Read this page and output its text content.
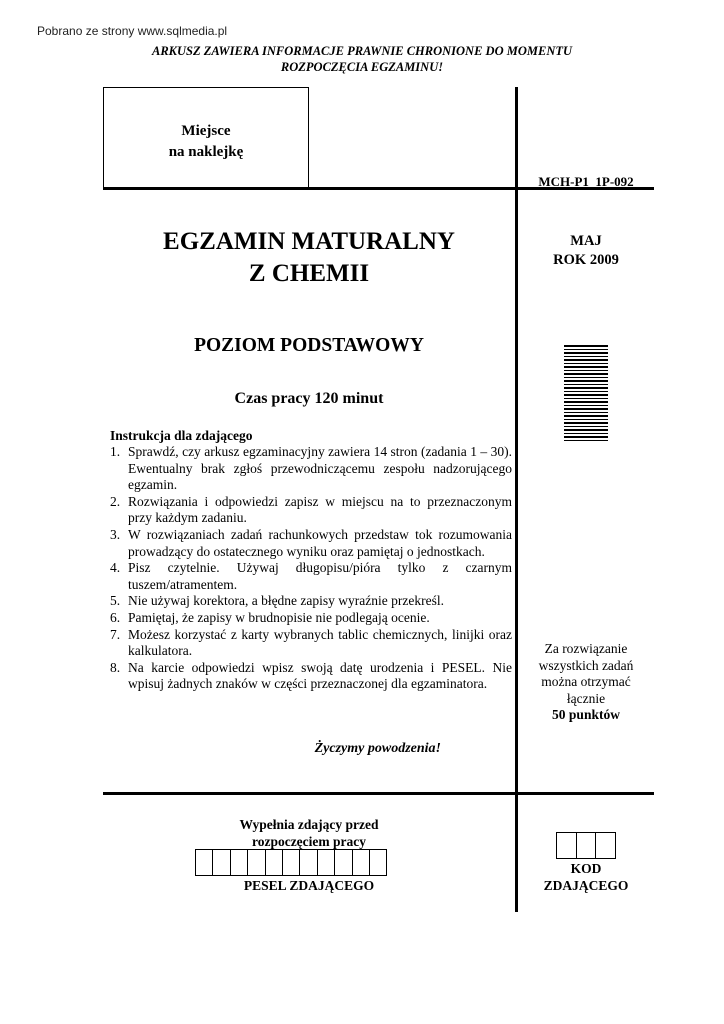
Pobrano ze strony www.sqlmedia.pl
ARKUSZ ZAWIERA INFORMACJE PRAWNIE CHRONIONE DO MOMENTU
ROZPOCZĘCIA EGZAMINU!
Miejsce
na naklejkę
MCH-P1_1P-092
EGZAMIN MATURALNY
Z CHEMII
MAJ
ROK 2009
POZIOM PODSTAWOWY
Czas pracy 120 minut
Instrukcja dla zdającego
1. Sprawdź, czy arkusz egzaminacyjny zawiera 14 stron (zadania 1 – 30). Ewentualny brak zgłoś przewodniczącemu zespołu nadzorującego egzamin.
2. Rozwiązania i odpowiedzi zapisz w miejscu na to przeznaczonym przy każdym zadaniu.
3. W rozwiązaniach zadań rachunkowych przedstaw tok rozumowania prowadzący do ostatecznego wyniku oraz pamiętaj o jednostkach.
4. Pisz czytelnie. Używaj długopisu/pióra tylko z czarnym tuszem/atramentem.
5. Nie używaj korektora, a błędne zapisy wyraźnie przekreśl.
6. Pamiętaj, że zapisy w brudnopisie nie podlegają ocenie.
7. Możesz korzystać z karty wybranych tablic chemicznych, linijki oraz kalkulatora.
8. Na karcie odpowiedzi wpisz swoją datę urodzenia i PESEL. Nie wpisuj żadnych znaków w części przeznaczonej dla egzaminatora.
Życzymy powodzenia!
Za rozwiązanie
wszystkich zadań
można otrzymać
łącznie
50 punktów
Wypełnia zdający przed
rozpoczęciem pracy
PESEL ZDAJĄCEGO
KOD
ZDAJĄCEGO
